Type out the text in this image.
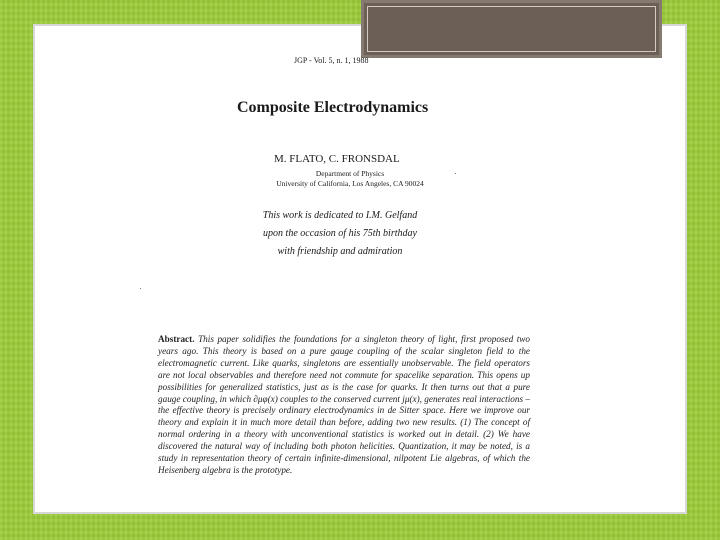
JGP - Vol. 5, n. 1, 1988
Composite Electrodynamics
M. FLATO, C. FRONSDAL
Department of Physics
University of California, Los Angeles, CA 90024
This work is dedicated to I.M. Gelfand
upon the occasion of his 75th birthday
with friendship and admiration
Abstract. This paper solidifies the foundations for a singleton theory of light, first proposed two years ago. This theory is based on a pure gauge coupling of the scalar singleton field to the electromagnetic current. Like quarks, singletons are essentially unobservable. The field operators are not local observables and therefore need not commute for spacelike separation. This opens up possibilities for generalized statistics, just as is the case for quarks. It then turns out that a pure gauge coupling, in which ∂μφ(x) couples to the conserved current jμ(x), generates real interactions – the effective theory is precisely ordinary electrodynamics in de Sitter space. Here we improve our theory and explain it in much more detail than before, adding two new results. (1) The concept of normal ordering in a theory with unconventional statistics is worked out in detail. (2) We have discovered the natural way of including both photon helicities. Quantization, it may be noted, is a study in representation theory of certain infinite-dimensional, nilpotent Lie algebras, of which the Heisenberg algebra is the prototype.
